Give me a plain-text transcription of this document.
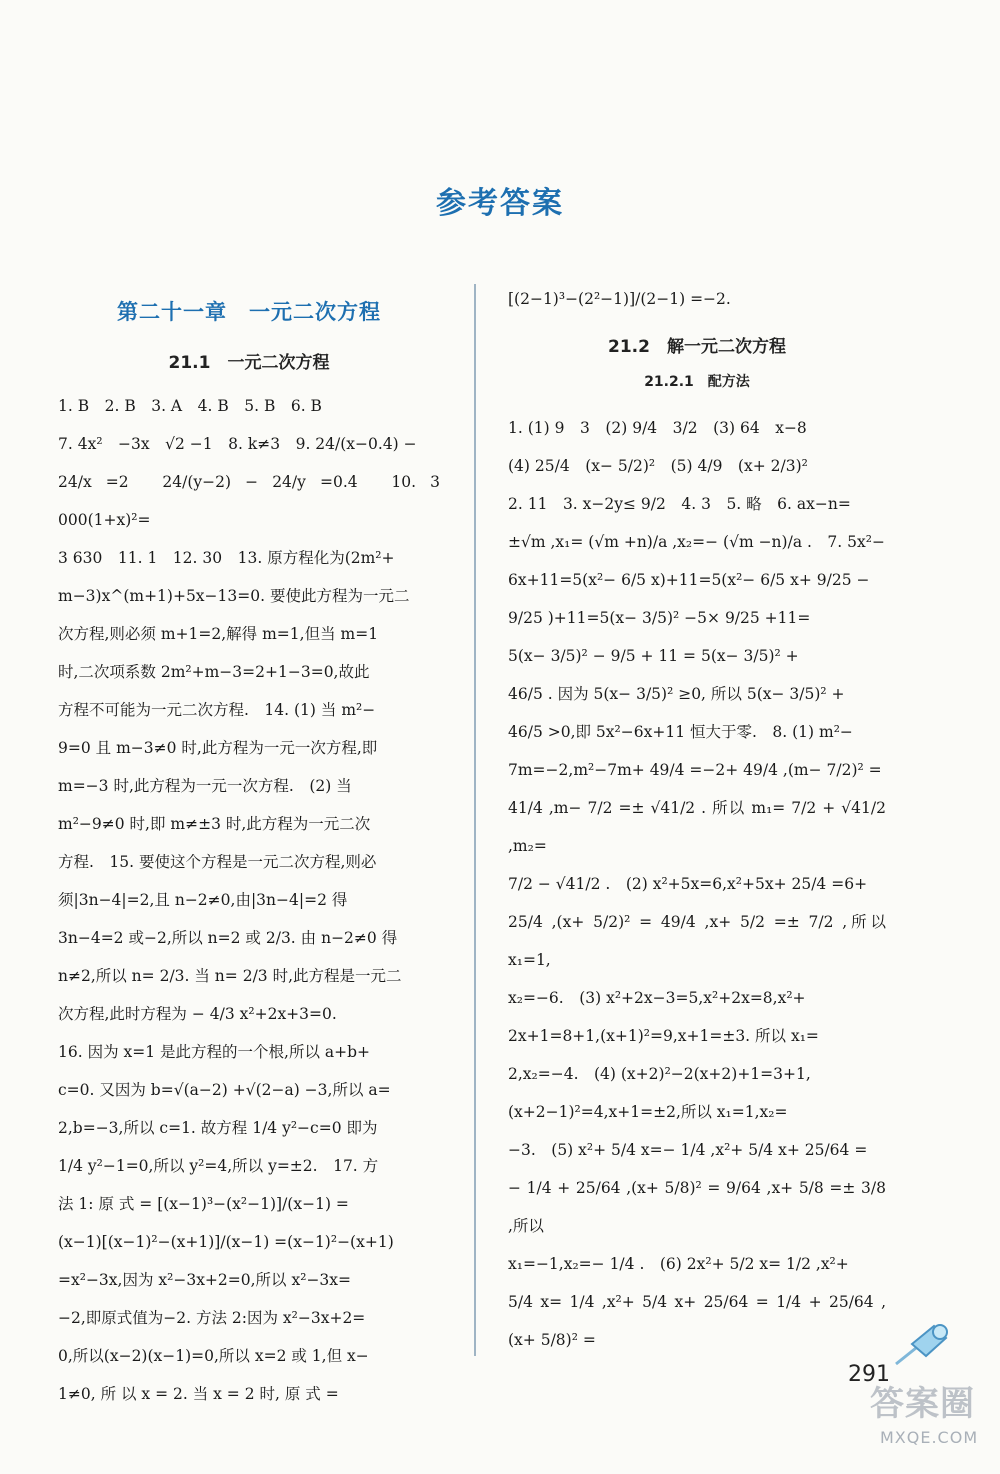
参考答案
第二十一章　一元二次方程
21.1　一元二次方程

1. B　2. B　3. A　4. B　5. B　6. B

7. 4x²　−3x　√2 −1　8. k≠3　9. 24/(x−0.4) −

24/x =2　24/(y−2) − 24/y =0.4　10. 3 000(1+x)²=

3 630　11. 1　12. 30　13. 原方程化为(2m²+

m−3)x^(m+1)+5x−13=0. 要使此方程为一元二

次方程,则必须 m+1=2,解得 m=1,但当 m=1

时,二次项系数 2m²+m−3=2+1−3=0,故此

方程不可能为一元二次方程.　14. (1) 当 m²−

9=0 且 m−3≠0 时,此方程为一元一次方程,即

m=−3 时,此方程为一元一次方程.　(2) 当

m²−9≠0 时,即 m≠±3 时,此方程为一元二次

方程.　15. 要使这个方程是一元二次方程,则必

须|3n−4|=2,且 n−2≠0,由|3n−4|=2 得

3n−4=2 或−2,所以 n=2 或 2/3. 由 n−2≠0 得

n≠2,所以 n= 2/3. 当 n= 2/3 时,此方程是一元二

次方程,此时方程为 − 4/3 x²+2x+3=0.

16. 因为 x=1 是此方程的一个根,所以 a+b+

c=0. 又因为 b=√(a−2) +√(2−a) −3,所以 a=

2,b=−3,所以 c=1. 故方程 1/4 y²−c=0 即为

1/4 y²−1=0,所以 y²=4,所以 y=±2.　17. 方

法 1: 原 式 = [(x−1)³−(x²−1)]/(x−1) =

(x−1)[(x−1)²−(x+1)]/(x−1) =(x−1)²−(x+1)

=x²−3x,因为 x²−3x+2=0,所以 x²−3x=

−2,即原式值为−2. 方法 2:因为 x²−3x+2=

0,所以(x−2)(x−1)=0,所以 x=2 或 1,但 x−

1≠0, 所 以 x = 2. 当 x = 2 时, 原 式 =

[(2−1)³−(2²−1)]/(2−1) =−2.

21.2　解一元二次方程
21.2.1　配方法

1. (1) 9　3　(2) 9/4　3/2　(3) 64　x−8

(4) 25/4　(x− 5/2)²　(5) 4/9　(x+ 2/3)²

2. 11　3. x−2y≤ 9/2　4. 3　5. 略　6. ax−n=

±√m ,x₁= (√m +n)/a ,x₂=− (√m −n)/a .　7. 5x²−

6x+11=5(x²− 6/5 x)+11=5(x²− 6/5 x+ 9/25 −

9/25 )+11=5(x− 3/5)² −5× 9/25 +11=

5(x− 3/5)² − 9/5 + 11 = 5(x− 3/5)² +

46/5 . 因为 5(x− 3/5)² ≥0, 所以 5(x− 3/5)² +

46/5 >0,即 5x²−6x+11 恒大于零.　8. (1) m²−

7m=−2,m²−7m+ 49/4 =−2+ 49/4 ,(m− 7/2)² =

41/4 ,m− 7/2 =± √41/2 . 所以 m₁= 7/2 + √41/2 ,m₂=

7/2 − √41/2 .　(2) x²+5x=6,x²+5x+ 25/4 =6+

25/4 ,(x+ 5/2)² = 49/4 ,x+ 5/2 =± 7/2 ,所以 x₁=1,

x₂=−6.　(3) x²+2x−3=5,x²+2x=8,x²+

2x+1=8+1,(x+1)²=9,x+1=±3. 所以 x₁=

2,x₂=−4.　(4) (x+2)²−2(x+2)+1=3+1,

(x+2−1)²=4,x+1=±2,所以 x₁=1,x₂=

−3.　(5) x²+ 5/4 x=− 1/4 ,x²+ 5/4 x+ 25/64 =

− 1/4 + 25/64 ,(x+ 5/8)² = 9/64 ,x+ 5/8 =± 3/8 ,所以

x₁=−1,x₂=− 1/4 .　(6) 2x²+ 5/2 x= 1/2 ,x²+

5/4 x= 1/4 ,x²+ 5/4 x+ 25/64 = 1/4 + 25/64 ,(x+ 5/8)² =

291
答案圈
MXQE.COM
